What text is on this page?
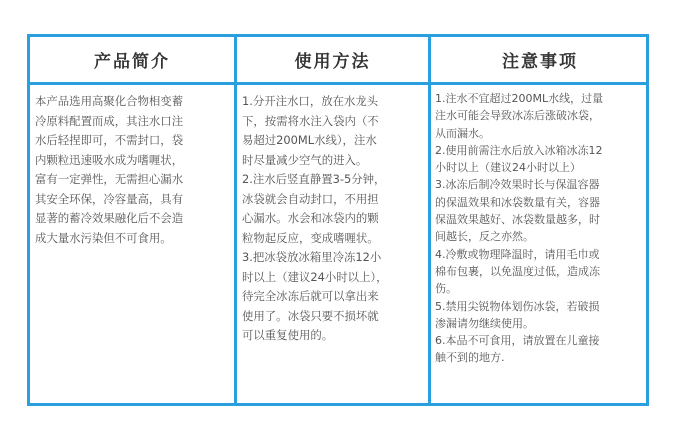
产品简介	使用方法	注意事项
本产品选用高聚化合物相变蓄
冷原料配置而成，其注水口注
水后轻捏即可，不需封口，袋
内颗粒迅速吸水成为嗜喱状，
富有一定弹性，无需担心漏水
其安全环保，冷容量高，具有
显著的蓄冷效果融化后不会造
成大量水污染但不可食用。
1.分开注水口，放在水龙头
下，按需将水注入袋内（不
易超过200ML水线），注水
时尽量减少空气的进入。
2.注水后竖直静置3-5分钟，
冰袋就会自动封口，不用担
心漏水。水会和冰袋内的颗
粒物起反应，变成嗜喱状。
3.把冰袋放冰箱里冷冻12小
时以上（建议24小时以上），
待完全冰冻后就可以拿出来
使用了。冰袋只要不损坏就
可以重复使用的。
1.注水不宜超过200ML水线，过量
注水可能会导致冰冻后涨破冰袋，
从而漏水。
2.使用前需注水后放入冰箱冰冻12
小时以上（建议24小时以上）
3.冰冻后制冷效果时长与保温容器
的保温效果和冰袋数量有关，容器
保温效果越好、冰袋数量越多，时
间越长，反之亦然。
4.冷敷或物理降温时，请用毛巾或
棉布包裹，以免温度过低，造成冻
伤。
5.禁用尖锐物体划伤冰袋，若破损
渗漏请勿继续使用。
6.本品不可食用，请放置在儿童接
触不到的地方.
